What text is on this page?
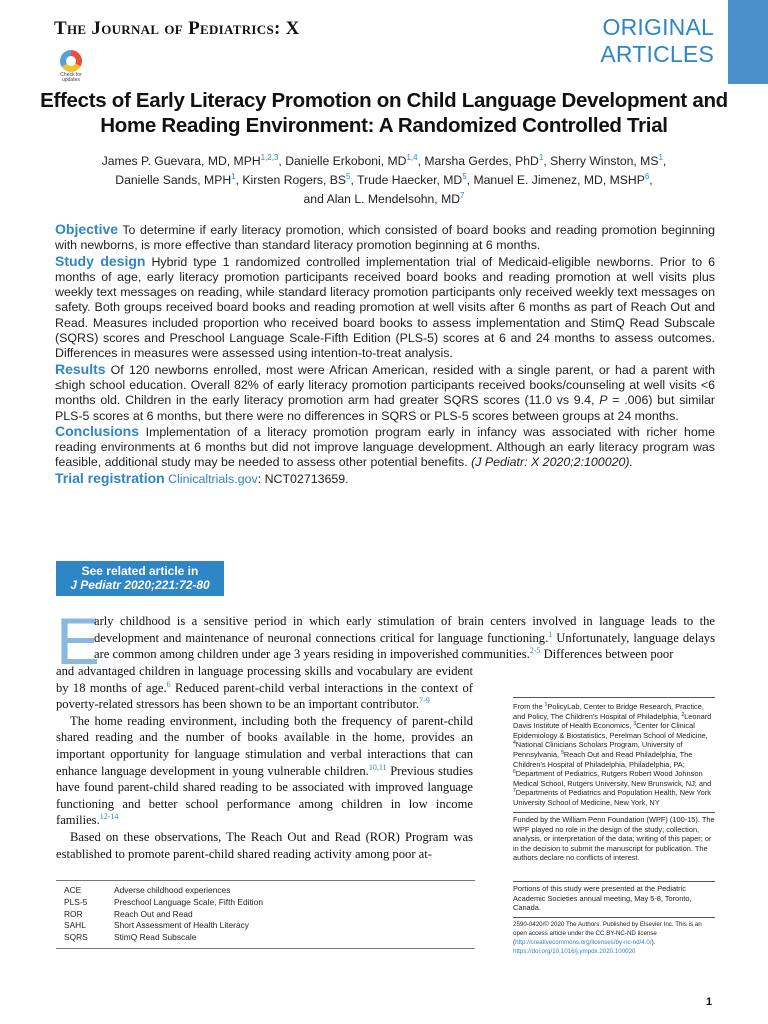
The Journal of Pediatrics: X	ORIGINAL
ARTICLES
Check for updates
Effects of Early Literacy Promotion on Child Language Development and Home Reading Environment: A Randomized Controlled Trial
James P. Guevara, MD, MPH$^{1,2,3}$, Danielle Erkoboni, MD$^{1,4}$, Marsha Gerdes, PhD$^1$, Sherry Winston, $MS^1$,
Danielle Sands, MPH$^1$, Kirsten Rogers, $BS^5$, Trude Haecker, $MD^5$, Manuel E. Jimenez, MD, MSHP$^6$,
and Alan L. Mendelsohn, $MD^7$

Objective To determine if early literacy promotion, which consisted of board books and reading promotion beginning with newborns, is more effective than standard literacy promotion beginning at 6 months.

Study design Hybrid type 1 randomized controlled implementation trial of Medicaid-eligible newborns. Prior to 6 months of age, early literacy promotion participants received board books and reading promotion at well visits plus weekly text messages on reading, while standard literacy promotion participants only received weekly text messages on safety. Both groups received board books and reading promotion at well visits after 6 months as part of Reach Out and Read. Measures included proportion who received board books to assess implementation and StimQ Read Subscale (SQRS) scores and Preschool Language Scale-Fifth Edition (PLS-5) scores at 6 and 24 months to assess outcomes. Differences in measures were assessed using intention-to-treat analysis.

Results Of 120 newborns enrolled, most were African American, resided with a single parent, or had a parent with ≤high school education. Overall 82% of early literacy promotion participants received books/counseling at well visits <6 months old. Children in the early literacy promotion arm had greater SQRS scores (11.0 vs 9.4, P = .006) but similar PLS-5 scores at 6 months, but there were no differences in SQRS or PLS-5 scores between groups at 24 months.

Conclusions Implementation of a literacy promotion program early in infancy was associated with richer home reading environments at 6 months but did not improve language development. Although an early literacy program was feasible, additional study may be needed to assess other potential benefits. (J Pediatr: X 2020;2:100020).

Trial registration Clinicaltrials.gov: NCT02713659.

See related article in
J Pediatr 2020;221:72-80
E
arly childhood is a sensitive period in which early stimulation of brain centers involved in language leads to the development and maintenance of neuronal connections critical for language functioning.$^1$ Unfortunately, language delays are common among children under age 3 years residing in impoverished communities.$^{2-5}$ Differences between poor

and advantaged children in language processing skills and vocabulary are evident by 18 months of age.$^6$ Reduced parent-child verbal interactions in the context of poverty-related stressors has been shown to be an important contributor.$^{7-9}$

The home reading environment, including both the frequency of parent-child shared reading and the number of books available in the home, provides an important opportunity for language stimulation and verbal interactions that can enhance language development in young vulnerable children.$^{10,11}$ Previous studies have found parent-child shared reading to be associated with improved language functioning and better school performance among children in low income families.$^{12-14}$

Based on these observations, The Reach Out and Read (ROR) Program was established to promote parent-child shared reading activity among poor at-

From the $^1$PolicyLab, Center to Bridge Research, Practice, and Policy, The Children's Hospital of Philadelphia, $^2$Leonard Davis Institute of Health Economics, $^3$Center for Clinical Epidemiology & Biostatistics, Perelman School of Medicine, $^4$National Clinicians Scholars Program, University of Pennsylvania, $^5$Reach Out and Read Philadelphia, The Children's Hospital of Philadelphia, Philadelphia, PA; $^6$Department of Pediatrics, Rutgers Robert Wood Johnson Medical School, Rutgers University, New Brunswick, NJ; and $^7$Departments of Pediatrics and Population Health, New York University School of Medicine, New York, NY
Funded by the William Penn Foundation (WPF) (100-15). The WPF played no role in the design of the study; collection, analysis, or interpretation of the data; writing of this paper; or in the decision to submit the manuscript for publication. The authors declare no conflicts of interest.
Portions of this study were presented at the Pediatric Academic Societies annual meeting, May 5-8, Toronto, Canada.
2590-0420/© 2020 The Authors. Published by Elsevier Inc. This is an open access article under the CC BY-NC-ND license (http://creativecommons.org/licenses/by-nc-nd/4.0/).
https://doi.org/10.1016/j.ympdx.2020.100020
ACE	Adverse childhood experiences
PLS-5	Preschool Language Scale, Fifth Edition
ROR	Reach Out and Read
SAHL	Short Assessment of Health Literacy
SQRS	StimQ Read Subscale
1
